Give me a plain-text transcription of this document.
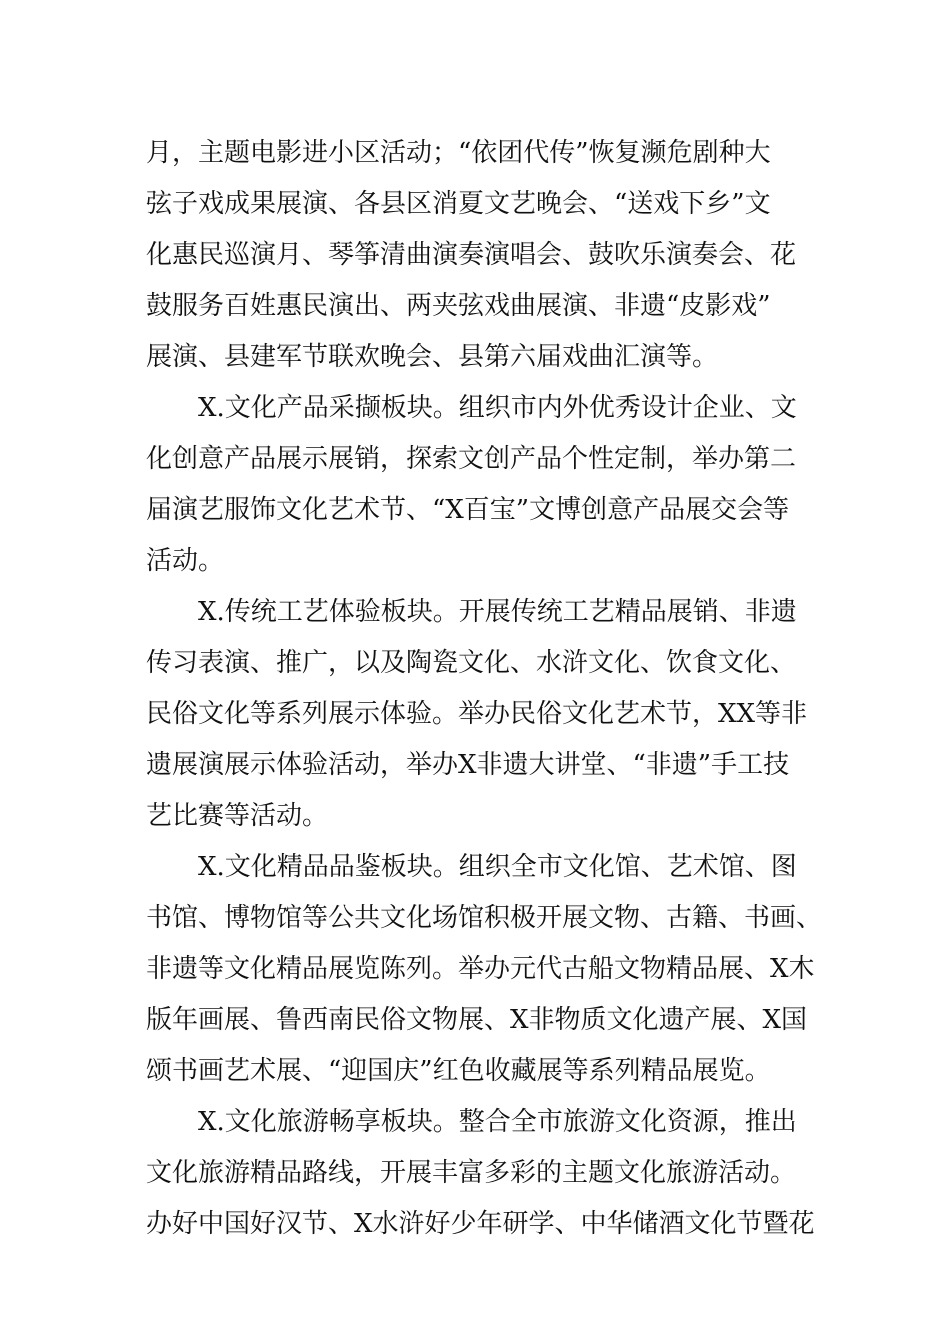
月，主题电影进小区活动；“依团代传”恢复濒危剧种大
弦子戏成果展演、各县区消夏文艺晚会、“送戏下乡”文
化惠民巡演月、琴筝清曲演奏演唱会、鼓吹乐演奏会、花
鼓服务百姓惠民演出、两夹弦戏曲展演、非遗“皮影戏”
展演、县建军节联欢晚会、县第六届戏曲汇演等。
X.文化产品采撷板块。组织市内外优秀设计企业、文
化创意产品展示展销，探索文创产品个性定制，举办第二
届演艺服饰文化艺术节、“X百宝”文博创意产品展交会等
活动。
X.传统工艺体验板块。开展传统工艺精品展销、非遗
传习表演、推广，以及陶瓷文化、水浒文化、饮食文化、
民俗文化等系列展示体验。举办民俗文化艺术节，XX等非
遗展演展示体验活动，举办X非遗大讲堂、“非遗”手工技
艺比赛等活动。
X.文化精品品鉴板块。组织全市文化馆、艺术馆、图
书馆、博物馆等公共文化场馆积极开展文物、古籍、书画、
非遗等文化精品展览陈列。举办元代古船文物精品展、X木
版年画展、鲁西南民俗文物展、X非物质文化遗产展、X国
颂书画艺术展、“迎国庆”红色收藏展等系列精品展览。
X.文化旅游畅享板块。整合全市旅游文化资源，推出
文化旅游精品路线，开展丰富多彩的主题文化旅游活动。
办好中国好汉节、X水浒好少年研学、中华储酒文化节暨花
